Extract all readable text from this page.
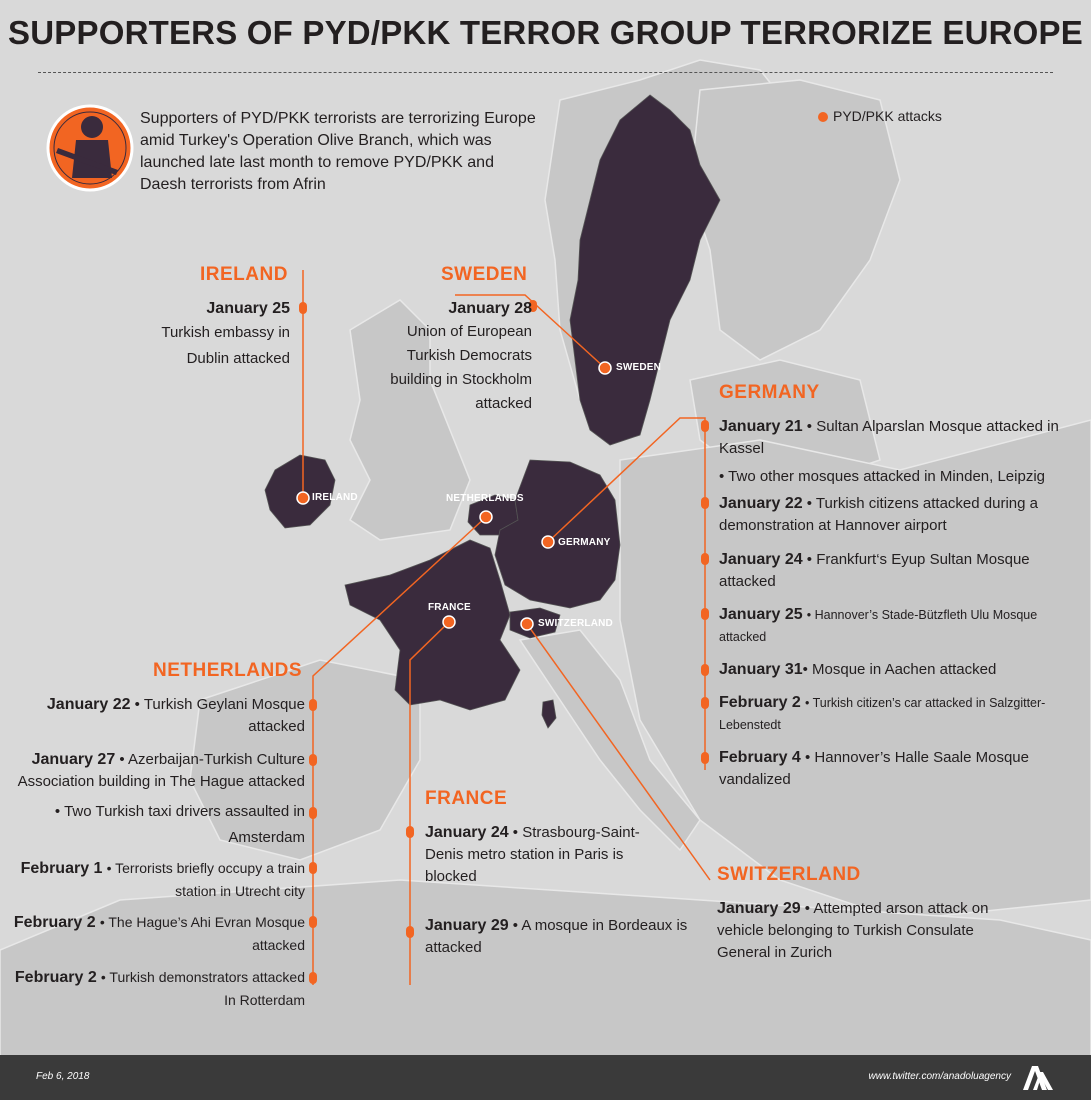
SUPPORTERS OF PYD/PKK TERROR GROUP TERRORIZE EUROPE
Supporters of PYD/PKK terrorists are terrorizing Europe amid Turkey's Operation Olive Branch, which was launched late last month to remove PYD/PKK and Daesh terrorists from Afrin
PYD/PKK attacks
SWEDEN
IRELAND	NETHERLANDS
GERMANY
FRANCE
SWITZERLAND
IRELAND
January 25
Turkish embassy in
Dublin attacked
SWEDEN
January 28
Union of European
Turkish Democrats
building in Stockholm
attacked
GERMANY
January 21 • Sultan Alparslan Mosque attacked in Kassel
• Two other mosques attacked in Minden, Leipzig
January 22 • Turkish citizens attacked during a demonstration at Hannover airport
January 24 • Frankfurt‘s Eyup Sultan Mosque attacked
January 25 • Hannover’s Stade-Bützfleth Ulu Mosque attacked
January 31• Mosque in Aachen attacked
February 2 • Turkish citizen’s car attacked in Salzgitter-Lebenstedt
February 4 • Hannover’s Halle Saale Mosque vandalized
NETHERLANDS
January 22 • Turkish Geylani Mosque attacked
January 27 • Azerbaijan-Turkish Culture Association building in The Hague attacked
• Two Turkish taxi drivers assaulted in Amsterdam
February 1 • Terrorists briefly occupy a train station in Utrecht city
February 2 • The Hague’s Ahi Evran Mosque attacked
February 2 • Turkish demonstrators attacked In Rotterdam
FRANCE
January 24 • Strasbourg-Saint-Denis metro station in Paris is blocked
January 29 • A mosque in Bordeaux is attacked
SWITZERLAND
January 29 • Attempted arson attack on vehicle belonging to Turkish Consulate General in Zurich
Feb 6, 2018	www.twitter.com/anadoluagency
